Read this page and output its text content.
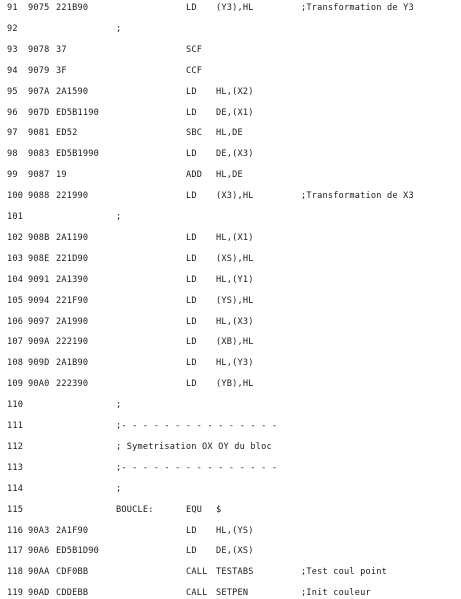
91 9075 221B90	LD (Y3),HL	;Transformation de Y3
92	;
93 9078 37	SCF
94 9079 3F	CCF
95 907A 2A1590	LD HL,(X2)
96 907D ED5B1190	LD DE,(X1)
97 9081 ED52	SBC HL,DE
98 9083 ED5B1990	LD DE,(X3)
99 9087 19	ADD HL,DE
100 9088 221990	LD (X3),HL	;Transformation de X3
101	;
102 908B 2A1190	LD HL,(X1)
103 908E 221D90	LD (XS),HL
104 9091 2A1390	LD HL,(Y1)
105 9094 221F90	LD (YS),HL
106 9097 2A1990	LD HL,(X3)
107 909A 222190	LD (XB),HL
108 909D 2A1B90	LD HL,(Y3)
109 90A0 222390	LD (YB),HL
110	;
111	;- - - - - - - - - - - - - - -
112	; Symetrisation OX OY du bloc
113	;- - - - - - - - - - - - - - -
114	;
115	BOUCLE:	EQU $
116 90A3 2A1F90	LD HL,(YS)
117 90A6 ED5B1D90	LD DE,(XS)
118 90AA CDF0BB	CALL TESTABS	;Test coul point
119 90AD CDDEBB	CALL SETPEN	;Init couleur
